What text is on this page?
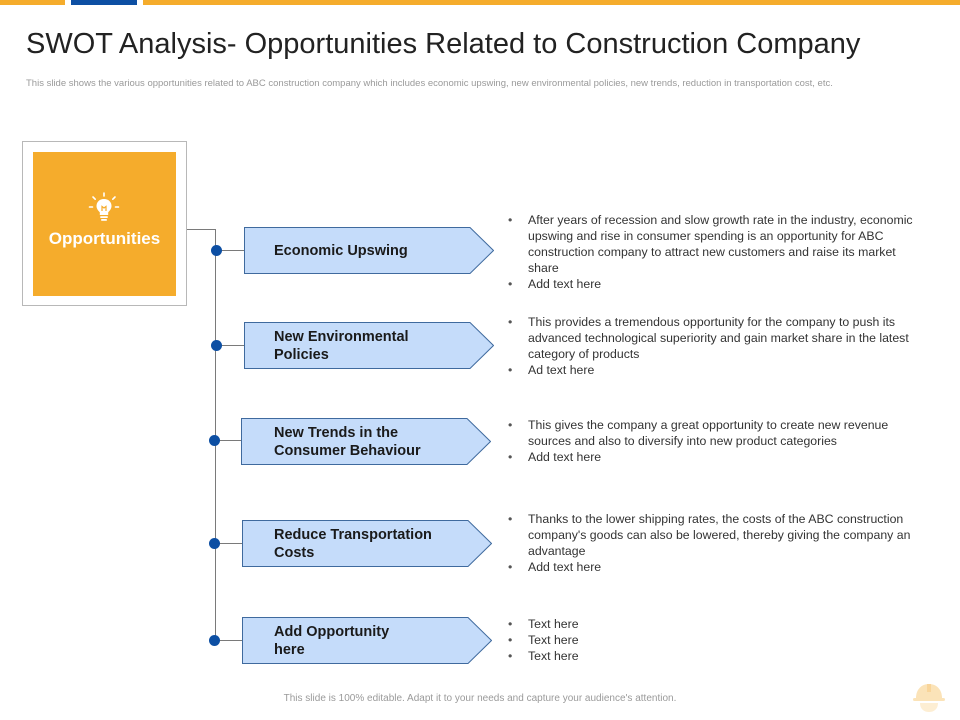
SWOT Analysis- Opportunities Related to Construction Company
This slide shows the various opportunities related to ABC construction company which includes economic upswing, new environmental policies, new trends, reduction in transportation cost, etc.
Opportunities
Economic Upswing
• After years of recession and slow growth rate in the industry, economic upswing and rise in consumer spending is an opportunity for ABC construction company to attract new customers and raise its market share
• Add text here
New Environmental Policies
• This provides a tremendous opportunity for the company to push its advanced technological superiority and gain market share in the latest category of products
• Ad text here
New Trends in the Consumer Behaviour
• This gives the company a great opportunity to create new revenue sources and also to diversify into new product categories
• Add text here
Reduce Transportation Costs
• Thanks to the lower shipping rates, the costs of the ABC construction company's goods can also be lowered, thereby giving the company an advantage
• Add text here
Add Opportunity here
• Text here
• Text here
• Text here
This slide is 100% editable. Adapt it to your needs and capture your audience's attention.
